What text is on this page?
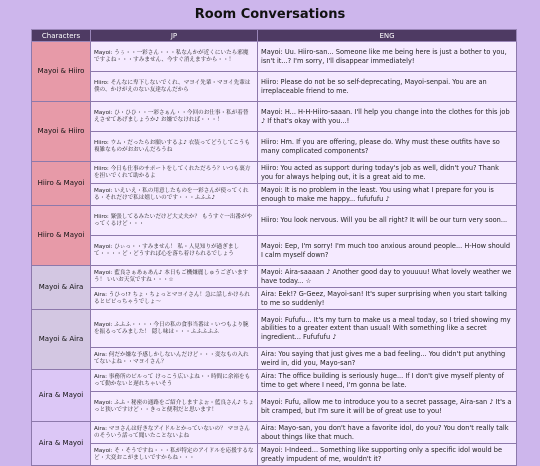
Room Conversations
Characters	JP	ENG
Mayoi & Hiiro	Mayoi: うぅ・・一彩さん・・・私なんかが近くにいたら邪魔ですよね・・・すみません、今すぐ消えますから・・！	Mayoi: Uu. Hiiro-san... Someone like me being here is just a bother to you, isn't it...? I'm sorry, I'll disappear immediately!

	Hiiro: そんなに卑下しないでくれ、マヨイ先輩・マヨイ先輩は僕の、かけがえのない友達なんだから	Hiiro: Please do not be so self-deprecating, Mayoi-senpai. You are an irreplaceable friend to me.

Mayoi & Hiiro	Mayoi: ひ・ひひ・・一彩さぁん・・今回のお仕事・私が着替えさせてあげましょうか♪ お嫌でなければ・・・！	Mayoi: H... H-H-Hiiro-saaan. I'll help you change into the clothes for this job ♪ If that's okay with you...!

	Hiiro: ウム・だったらお願いするよ♪ 衣装ってどうしてこうも複雑なものがおおいんだろうね	Hiiro: Hm. If you are offering, please do. Why must these outfits have so many complicated components?

Hiiro & Mayoi	Hiiro: 今日も仕事のサポートをしてくれただろう？いつも裏方を担いでくれて助かるよ	Hiiro: You acted as support during today's job as well, didn't you? Thank you for always helping out, it is a great aid to me.

	Mayoi: いえいえ・私の用意したものを一彩さんが使ってくれる・それだけで私は嬉しいのです・・・ふふふ♪	Mayoi: It is no problem in the least. You using what I prepare for you is enough to make me happy... fufufufu ♪

Hiiro & Mayoi	Hiiro: 緊張してるみたいだけど大丈夫か？ もうすぐ一出番がやってくるけど・・・	Hiiro: You look nervous. Will you be all right? It will be our turn very soon...

	Mayoi: ひぃっ・・すみません！ 私・人見知りが過ぎまして・・・・ど・どうすれば心を落ち着けられるでしょう	Mayoi: Eep, I'm sorry! I'm much too anxious around people... H-How should I calm myself down?

Mayoi & Aira	Mayoi: 藍良さぁあぁあん♪ 本日もご機嫌麗しゅうございますう！ いいお天気ですね・・・☆	Mayoi: Aira-saaaan ♪ Another good day to youuuu! What lovely weather we have today... ☆

	Aira: うひっ!? ちょ・ちょっとマヨイさん！急に話しかけられるとビビっちゃうでしょ～	Aira: Eek!? G-Geez, Mayoi-san! It's super surprising when you start talking to me so suddenly!

Mayoi & Aira	Mayoi: ふふふ・・・・今日の私の食事当番は・いつもより腕を振るってみました！ 隠し味は・・・ふふふふふ	Mayoi: Fufufu... It's my turn to make us a meal today, so I tried showing my abilities to a greater extent than usual! With something like a secret ingredient... Fufufufu ♪

	Aira: 何だか嫌な予感しかしないんだけど・・・変なもの入れてないよね・・マヨイさん？	Aira: You saying that just gives me a bad feeling... You didn't put anything weird in, did you, Mayo-san?

Aira & Mayoi	Aira: 事務所のビルって けっこう広いよね・・時間に余裕をもって動かないと遅れちゃいそう	Aira: The office building is seriously huge... If I don't give myself plenty of time to get where I need, I'm gonna be late.

	Mayoi: ふふ・秘密の通路をご紹介しますよぉ・藍良さん♪ ちょっと狭いですけど・・きっと便利だと思います！	Mayoi: Fufu, allow me to introduce you to a secret passage, Aira-san ♪ It's a bit cramped, but I'm sure it will be of great use to you!

Aira & Mayoi	Aira: マヨさんは好きなアイドルとかっていないの？ マヨさんのそういう話って聞いたことないよね	Aira: Mayo-san, you don't have a favorite idol, do you? You don't really talk about things like that much.

	Mayoi: そ・そうですね・・・私が特定のアイドルを応援するなど・大変おこがましいですからね・・・	Mayoi: I-Indeed... Something like supporting only a specific idol would be greatly impudent of me, wouldn't it?
